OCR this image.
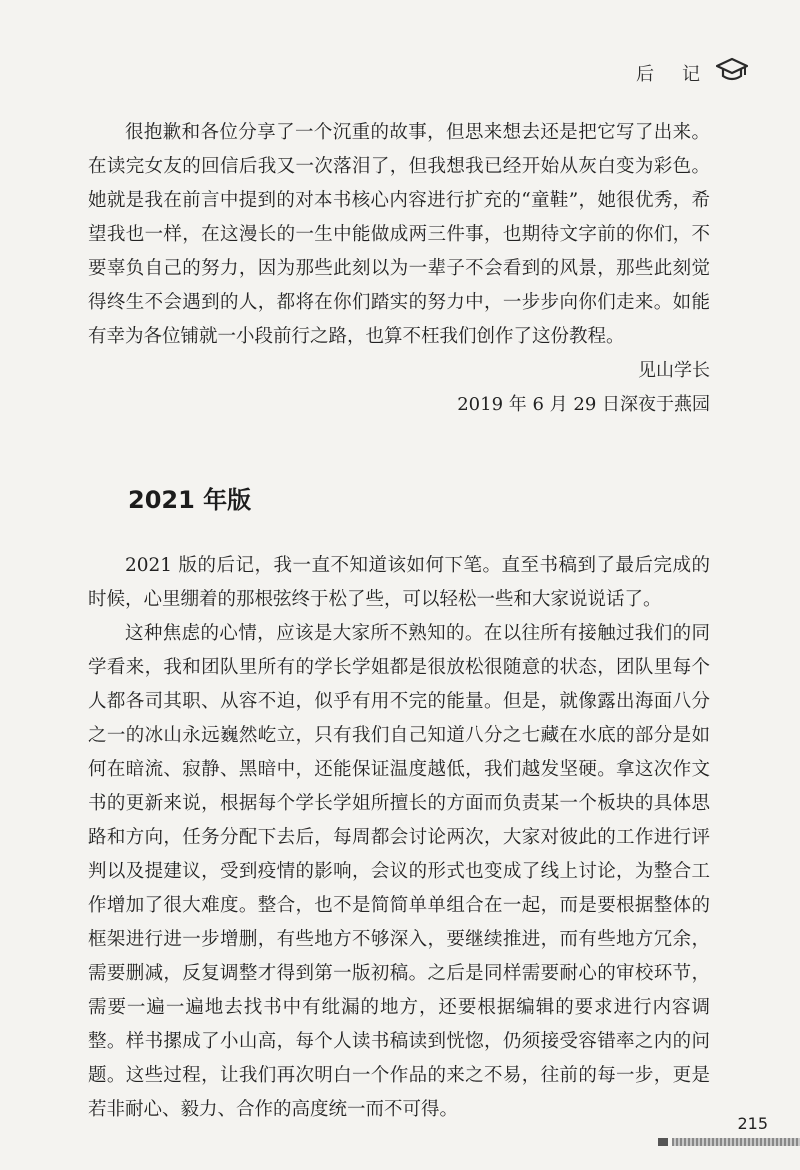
后记

很抱歉和各位分享了一个沉重的故事，但思来想去还是把它写了出来。在读完女友的回信后我又一次落泪了，但我想我已经开始从灰白变为彩色。她就是我在前言中提到的对本书核心内容进行扩充的“童鞋”，她很优秀，希望我也一样，在这漫长的一生中能做成两三件事，也期待文字前的你们，不要辜负自己的努力，因为那些此刻以为一辈子不会看到的风景，那些此刻觉得终生不会遇到的人，都将在你们踏实的努力中，一步步向你们走来。如能有幸为各位铺就一小段前行之路，也算不枉我们创作了这份教程。

见山学长

2019 年 6 月 29 日深夜于燕园

2021 年版

2021 版的后记，我一直不知道该如何下笔。直至书稿到了最后完成的时候，心里绷着的那根弦终于松了些，可以轻松一些和大家说说话了。

这种焦虑的心情，应该是大家所不熟知的。在以往所有接触过我们的同学看来，我和团队里所有的学长学姐都是很放松很随意的状态，团队里每个人都各司其职、从容不迫，似乎有用不完的能量。但是，就像露出海面八分之一的冰山永远巍然屹立，只有我们自己知道八分之七藏在水底的部分是如何在暗流、寂静、黑暗中，还能保证温度越低，我们越发坚硬。拿这次作文书的更新来说，根据每个学长学姐所擅长的方面而负责某一个板块的具体思路和方向，任务分配下去后，每周都会讨论两次，大家对彼此的工作进行评判以及提建议，受到疫情的影响，会议的形式也变成了线上讨论，为整合工作增加了很大难度。整合，也不是简简单单组合在一起，而是要根据整体的框架进行进一步增删，有些地方不够深入，要继续推进，而有些地方冗余，需要删减，反复调整才得到第一版初稿。之后是同样需要耐心的审校环节，需要一遍一遍地去找书中有纰漏的地方，还要根据编辑的要求进行内容调整。样书摞成了小山高，每个人读书稿读到恍惚，仍须接受容错率之内的问题。这些过程，让我们再次明白一个作品的来之不易，往前的每一步，更是若非耐心、毅力、合作的高度统一而不可得。

215
